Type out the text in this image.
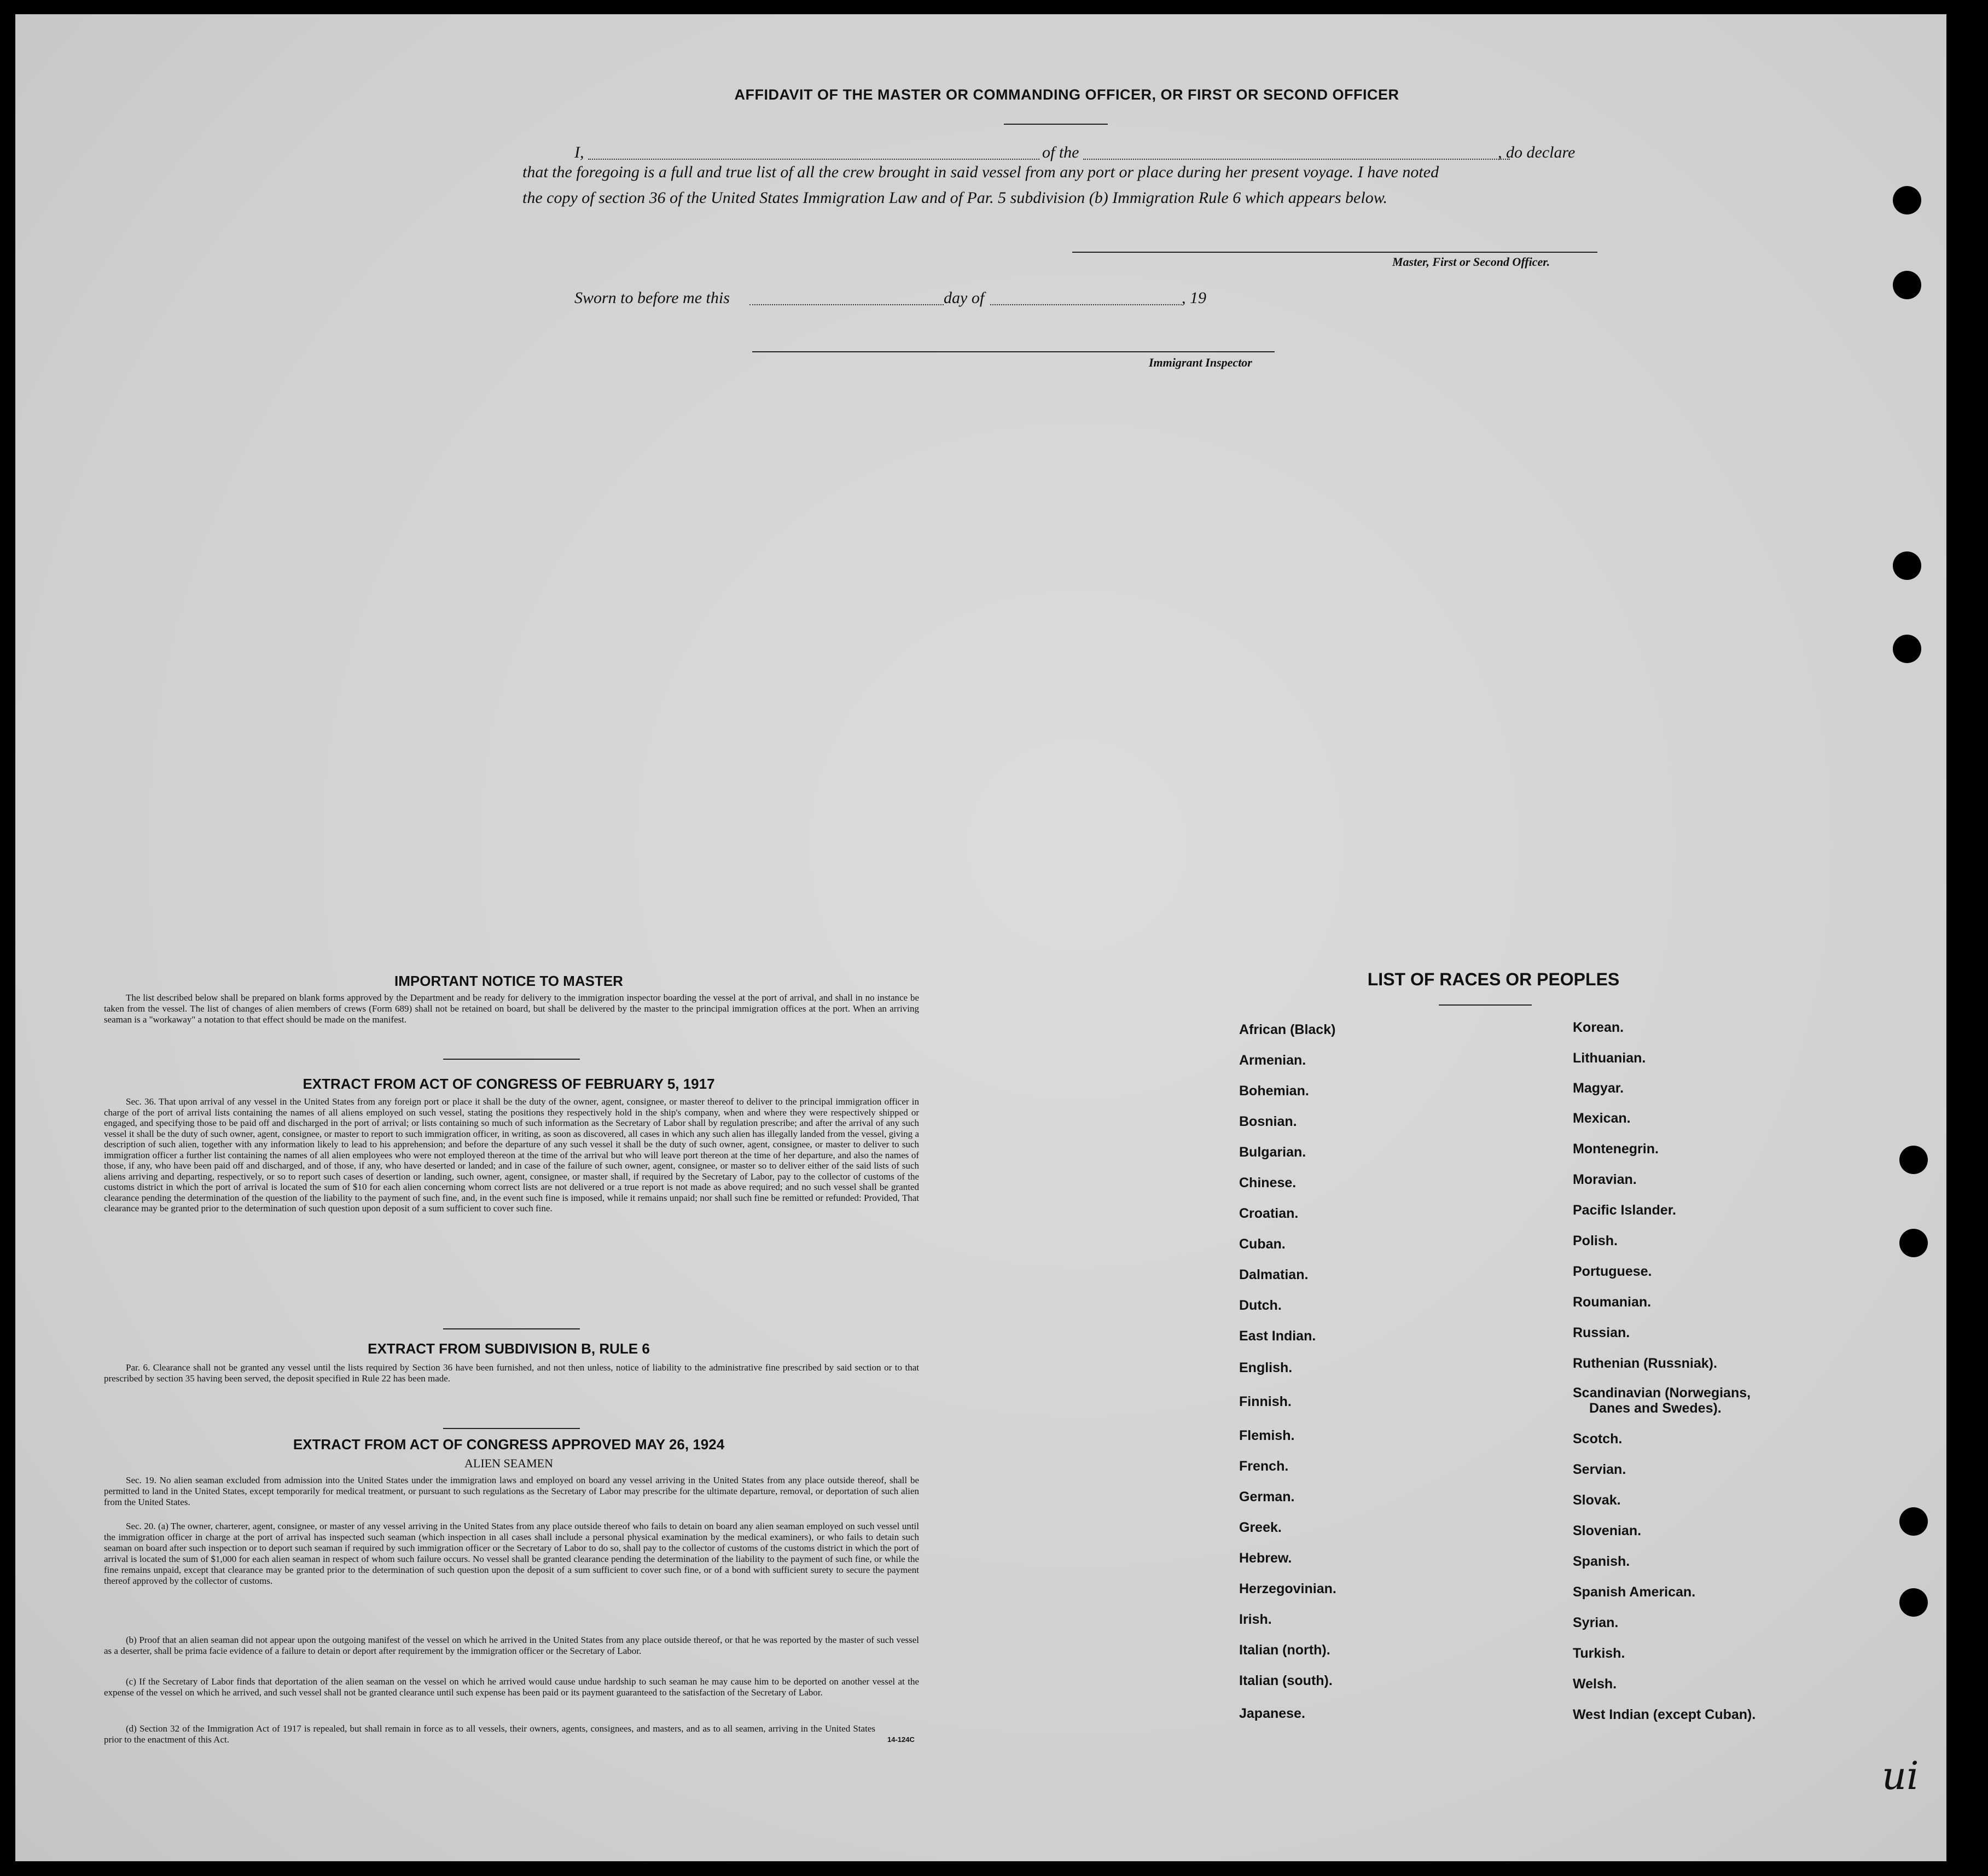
AFFIDAVIT OF THE MASTER OR COMMANDING OFFICER, OR FIRST OR SECOND OFFICER
I,	of the	, do declare
that the foregoing is a full and true list of all the crew brought in said vessel from any port or place during her present voyage. I have noted
the copy of section 36 of the United States Immigration Law and of Par. 5 subdivision (b) Immigration Rule 6 which appears below.
Master, First or Second Officer.
Sworn to before me this	day of	, 19
Immigrant Inspector
IMPORTANT NOTICE TO MASTER
The list described below shall be prepared on blank forms approved by the Department and be ready for delivery to the immigration inspector boarding the vessel at the port of arrival, and shall in no instance be taken from the vessel. The list of changes of alien members of crews (Form 689) shall not be retained on board, but shall be delivered by the master to the principal immigration offices at the port. When an arriving seaman is a "workaway" a notation to that effect should be made on the manifest.
EXTRACT FROM ACT OF CONGRESS OF FEBRUARY 5, 1917
Sec. 36. That upon arrival of any vessel in the United States from any foreign port or place it shall be the duty of the owner, agent, consignee, or master thereof to deliver to the principal immigration officer in charge of the port of arrival lists containing the names of all aliens employed on such vessel, stating the positions they respectively hold in the ship's company, when and where they were respectively shipped or engaged, and specifying those to be paid off and discharged in the port of arrival; or lists containing so much of such information as the Secretary of Labor shall by regulation prescribe; and after the arrival of any such vessel it shall be the duty of such owner, agent, consignee, or master to report to such immigration officer, in writing, as soon as discovered, all cases in which any such alien has illegally landed from the vessel, giving a description of such alien, together with any information likely to lead to his apprehension; and before the departure of any such vessel it shall be the duty of such owner, agent, consignee, or master to deliver to such immigration officer a further list containing the names of all alien employees who were not employed thereon at the time of the arrival but who will leave port thereon at the time of her departure, and also the names of those, if any, who have been paid off and discharged, and of those, if any, who have deserted or landed; and in case of the failure of such owner, agent, consignee, or master so to deliver either of the said lists of such aliens arriving and departing, respectively, or so to report such cases of desertion or landing, such owner, agent, consignee, or master shall, if required by the Secretary of Labor, pay to the collector of customs of the customs district in which the port of arrival is located the sum of $10 for each alien concerning whom correct lists are not delivered or a true report is not made as above required; and no such vessel shall be granted clearance pending the determination of the question of the liability to the payment of such fine, and, in the event such fine is imposed, while it remains unpaid; nor shall such fine be remitted or refunded: Provided, That clearance may be granted prior to the determination of such question upon deposit of a sum sufficient to cover such fine.
EXTRACT FROM SUBDIVISION B, RULE 6
Par. 6. Clearance shall not be granted any vessel until the lists required by Section 36 have been furnished, and not then unless, notice of liability to the administrative fine prescribed by said section or to that prescribed by section 35 having been served, the deposit specified in Rule 22 has been made.
EXTRACT FROM ACT OF CONGRESS APPROVED MAY 26, 1924
ALIEN SEAMEN
Sec. 19. No alien seaman excluded from admission into the United States under the immigration laws and employed on board any vessel arriving in the United States from any place outside thereof, shall be permitted to land in the United States, except temporarily for medical treatment, or pursuant to such regulations as the Secretary of Labor may prescribe for the ultimate departure, removal, or deportation of such alien from the United States.
Sec. 20. (a) The owner, charterer, agent, consignee, or master of any vessel arriving in the United States from any place outside thereof who fails to detain on board any alien seaman employed on such vessel until the immigration officer in charge at the port of arrival has inspected such seaman (which inspection in all cases shall include a personal physical examination by the medical examiners), or who fails to detain such seaman on board after such inspection or to deport such seaman if required by such immigration officer or the Secretary of Labor to do so, shall pay to the collector of customs of the customs district in which the port of arrival is located the sum of $1,000 for each alien seaman in respect of whom such failure occurs. No vessel shall be granted clearance pending the determination of the liability to the payment of such fine, or while the fine remains unpaid, except that clearance may be granted prior to the determination of such question upon the deposit of a sum sufficient to cover such fine, or of a bond with sufficient surety to secure the payment thereof approved by the collector of customs.
(b) Proof that an alien seaman did not appear upon the outgoing manifest of the vessel on which he arrived in the United States from any place outside thereof, or that he was reported by the master of such vessel as a deserter, shall be prima facie evidence of a failure to detain or deport after requirement by the immigration officer or the Secretary of Labor.
(c) If the Secretary of Labor finds that deportation of the alien seaman on the vessel on which he arrived would cause undue hardship to such seaman he may cause him to be deported on another vessel at the expense of the vessel on which he arrived, and such vessel shall not be granted clearance until such expense has been paid or its payment guaranteed to the satisfaction of the Secretary of Labor.
(d) Section 32 of the Immigration Act of 1917 is repealed, but shall remain in force as to all vessels, their owners, agents, consignees, and masters, and as to all seamen, arriving in the United States prior to the enactment of this Act.	14-124C
LIST OF RACES OR PEOPLES
African (Black)
Armenian.
Bohemian.
Bosnian.
Bulgarian.
Chinese.
Croatian.
Cuban.
Dalmatian.
Dutch.
East Indian.
English.
Finnish.
Flemish.
French.
German.
Greek.
Hebrew.
Herzegovinian.
Irish.
Italian (north).
Italian (south).
Japanese.
Korean.
Lithuanian.
Magyar.
Mexican.
Montenegrin.
Moravian.
Pacific Islander.
Polish.
Portuguese.
Roumanian.
Russian.
Ruthenian (Russniak).
Scandinavian (Norwegians,
Danes and Swedes).
Scotch.
Servian.
Slovak.
Slovenian.
Spanish.
Spanish American.
Syrian.
Turkish.
Welsh.
West Indian (except Cuban).
ui
